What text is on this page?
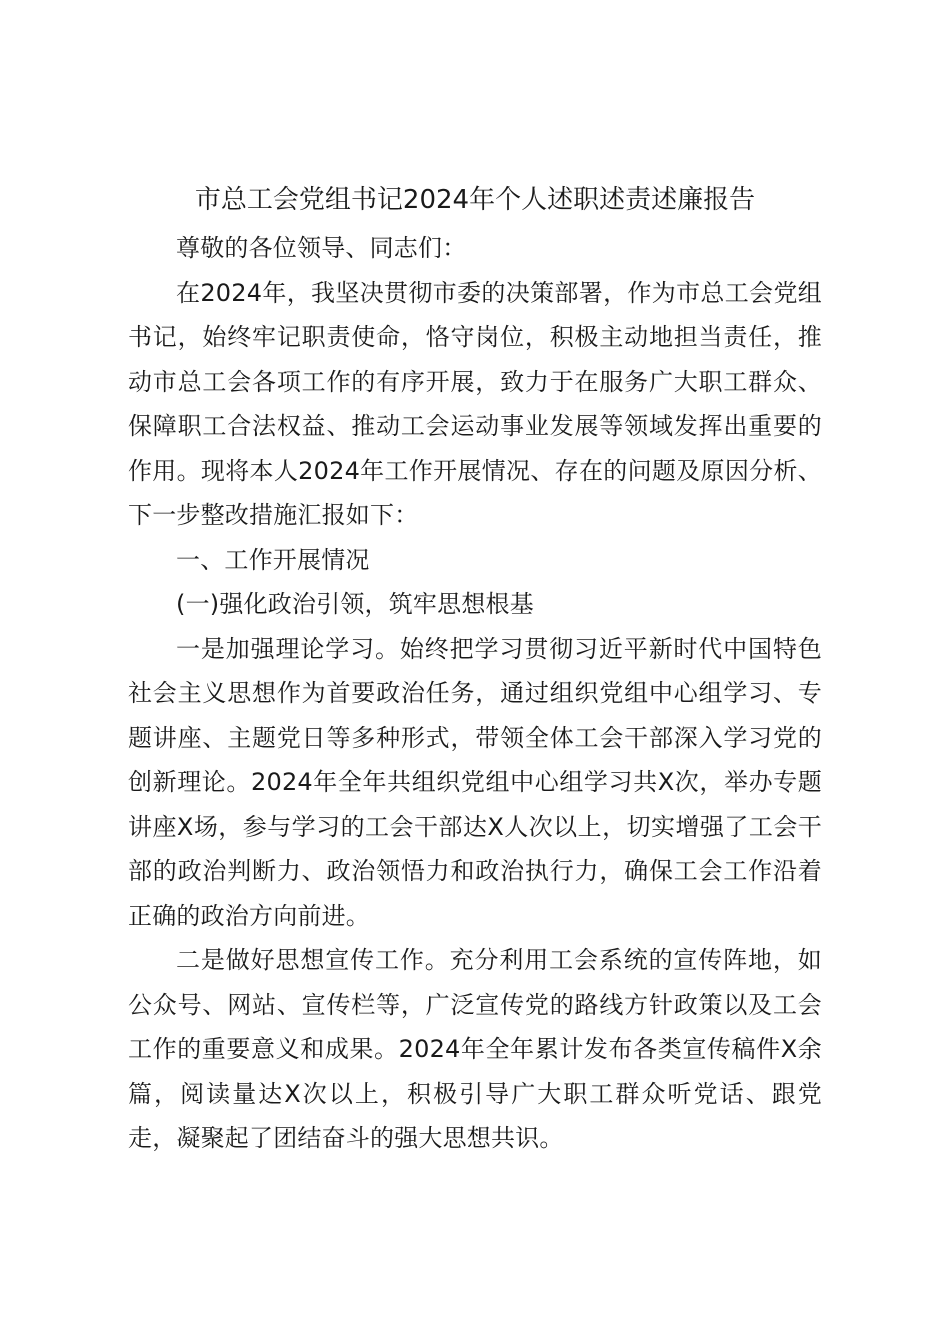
市总工会党组书记2024年个人述职述责述廉报告

尊敬的各位领导、同志们：

在2024年，我坚决贯彻市委的决策部署，作为市总工会党组书记，始终牢记职责使命，恪守岗位，积极主动地担当责任，推动市总工会各项工作的有序开展，致力于在服务广大职工群众、保障职工合法权益、推动工会运动事业发展等领域发挥出重要的作用。现将本人2024年工作开展情况、存在的问题及原因分析、下一步整改措施汇报如下：

一、工作开展情况

(一)强化政治引领，筑牢思想根基

一是加强理论学习。始终把学习贯彻习近平新时代中国特色社会主义思想作为首要政治任务，通过组织党组中心组学习、专题讲座、主题党日等多种形式，带领全体工会干部深入学习党的创新理论。2024年全年共组织党组中心组学习共X次，举办专题讲座X场，参与学习的工会干部达X人次以上，切实增强了工会干部的政治判断力、政治领悟力和政治执行力，确保工会工作沿着正确的政治方向前进。

二是做好思想宣传工作。充分利用工会系统的宣传阵地，如公众号、网站、宣传栏等，广泛宣传党的路线方针政策以及工会工作的重要意义和成果。2024年全年累计发布各类宣传稿件X余篇，阅读量达X次以上，积极引导广大职工群众听党话、跟党走，凝聚起了团结奋斗的强大思想共识。
